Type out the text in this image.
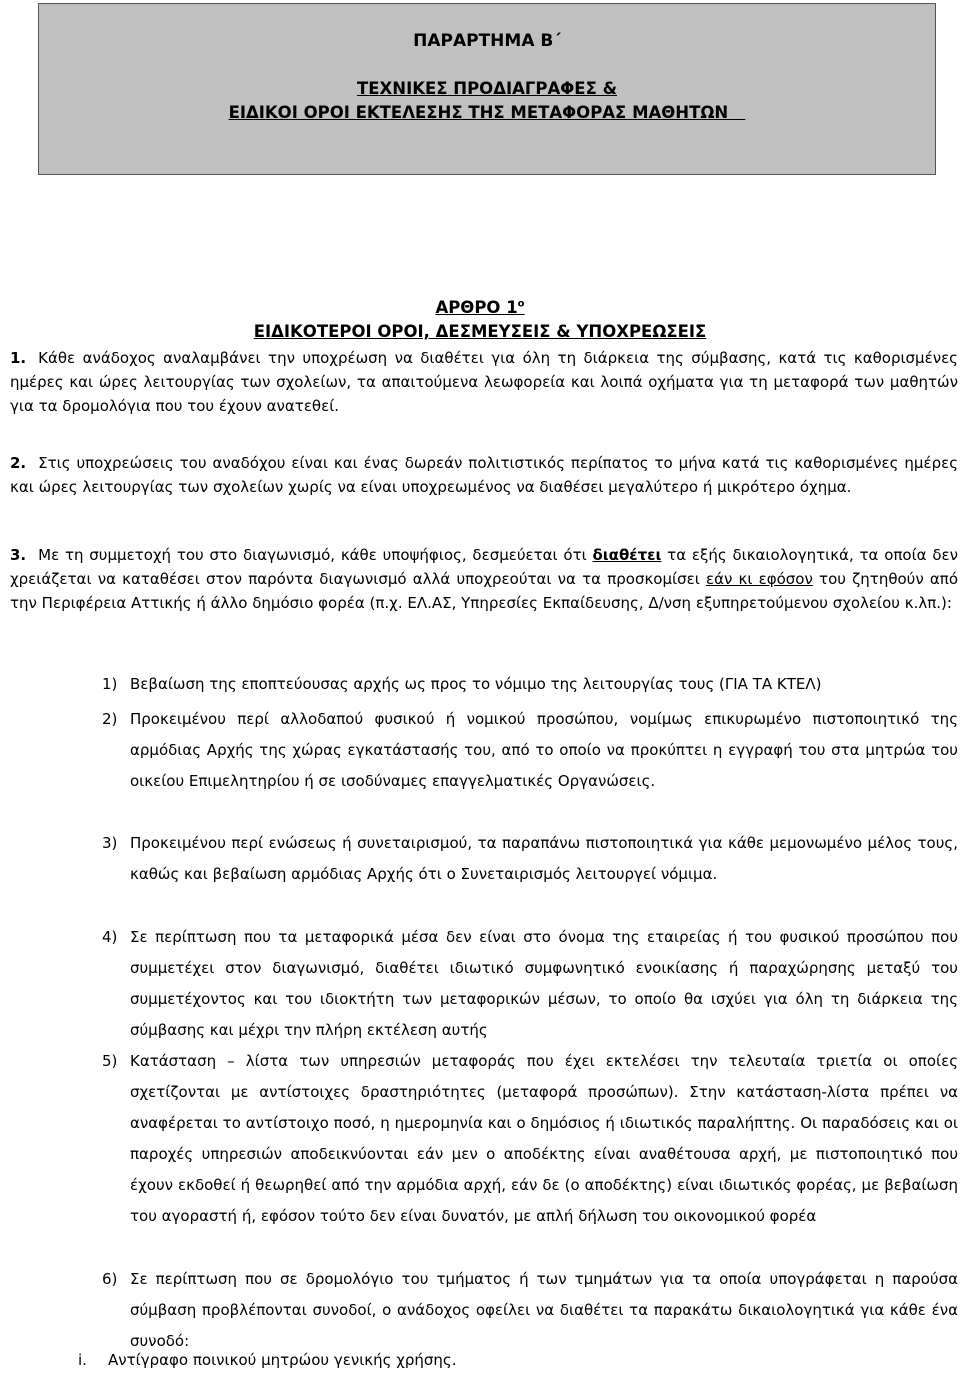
ΠΑΡΑΡΤΗΜΑ Β΄
ΤΕΧΝΙΚΕΣ ΠΡΟΔΙΑΓΡΑΦΕΣ &
ΕΙΔΙΚΟΙ ΟΡΟΙ ΕΚΤΕΛΕΣΗΣ ΤΗΣ ΜΕΤΑΦΟΡΑΣ ΜΑΘΗΤΩΝ
ΑΡΘΡΟ $1^o$
ΕΙΔΙΚΟΤΕΡΟΙ ΟΡΟΙ, ΔΕΣΜΕΥΣΕΙΣ & ΥΠΟΧΡΕΩΣΕΙΣ
1. Κάθε ανάδοχος αναλαμβάνει την υποχρέωση να διαθέτει για όλη τη διάρκεια της σύμβασης, κατά τις καθορισμένες ημέρες και ώρες λειτουργίας των σχολείων, τα απαιτούμενα λεωφορεία και λοιπά οχήματα για τη μεταφορά των μαθητών για τα δρομολόγια που του έχουν ανατεθεί.
2. Στις υποχρεώσεις του αναδόχου είναι και ένας δωρεάν πολιτιστικός περίπατος το μήνα κατά τις καθορισμένες ημέρες και ώρες λειτουργίας των σχολείων χωρίς να είναι υποχρεωμένος να διαθέσει μεγαλύτερο ή μικρότερο όχημα.
3. Με τη συμμετοχή του στο διαγωνισμό, κάθε υποψήφιος, δεσμεύεται ότι διαθέτει τα εξής δικαιολογητικά, τα οποία δεν χρειάζεται να καταθέσει στον παρόντα διαγωνισμό αλλά υποχρεούται να τα προσκομίσει εάν κι εφόσον του ζητηθούν από την Περιφέρεια Αττικής ή άλλο δημόσιο φορέα (π.χ. ΕΛ.ΑΣ, Υπηρεσίες Εκπαίδευσης, Δ/νση εξυπηρετούμενου σχολείου κ.λπ.):
1) Βεβαίωση της εποπτεύουσας αρχής ως προς το νόμιμο της λειτουργίας τους (ΓΙΑ ΤΑ ΚΤΕΛ)
2) Προκειμένου περί αλλοδαπού φυσικού ή νομικού προσώπου, νομίμως επικυρωμένο πιστοποιητικό της αρμόδιας Αρχής της χώρας εγκατάστασής του, από το οποίο να προκύπτει η εγγραφή του στα μητρώα του οικείου Επιμελητηρίου ή σε ισοδύναμες επαγγελματικές Οργανώσεις.
3) Προκειμένου περί ενώσεως ή συνεταιρισμού, τα παραπάνω πιστοποιητικά για κάθε μεμονωμένο μέλος τους, καθώς και βεβαίωση αρμόδιας Αρχής ότι ο Συνεταιρισμός λειτουργεί νόμιμα.
4) Σε περίπτωση που τα μεταφορικά μέσα δεν είναι στο όνομα της εταιρείας ή του φυσικού προσώπου που συμμετέχει στον διαγωνισμό, διαθέτει ιδιωτικό συμφωνητικό ενοικίασης ή παραχώρησης μεταξύ του συμμετέχοντος και του ιδιοκτήτη των μεταφορικών μέσων, το οποίο θα ισχύει για όλη τη διάρκεια της σύμβασης και μέχρι την πλήρη εκτέλεση αυτής
5) Κατάσταση – λίστα των υπηρεσιών μεταφοράς που έχει εκτελέσει την τελευταία τριετία οι οποίες σχετίζονται με αντίστοιχες δραστηριότητες (μεταφορά προσώπων). Στην κατάσταση-λίστα πρέπει να αναφέρεται το αντίστοιχο ποσό, η ημερομηνία και ο δημόσιος ή ιδιωτικός παραλήπτης. Οι παραδόσεις και οι παροχές υπηρεσιών αποδεικνύονται εάν μεν ο αποδέκτης είναι αναθέτουσα αρχή, με πιστοποιητικό που έχουν εκδοθεί ή θεωρηθεί από την αρμόδια αρχή, εάν δε (ο αποδέκτης) είναι ιδιωτικός φορέας, με βεβαίωση του αγοραστή ή, εφόσον τούτο δεν είναι δυνατόν, με απλή δήλωση του οικονομικού φορέα
6) Σε περίπτωση που σε δρομολόγιο του τμήματος ή των τμημάτων για τα οποία υπογράφεται η παρούσα σύμβαση προβλέπονται συνοδοί, ο ανάδοχος οφείλει να διαθέτει τα παρακάτω δικαιολογητικά για κάθε ένα συνοδό:
i. Αντίγραφο ποινικού μητρώου γενικής χρήσης.
